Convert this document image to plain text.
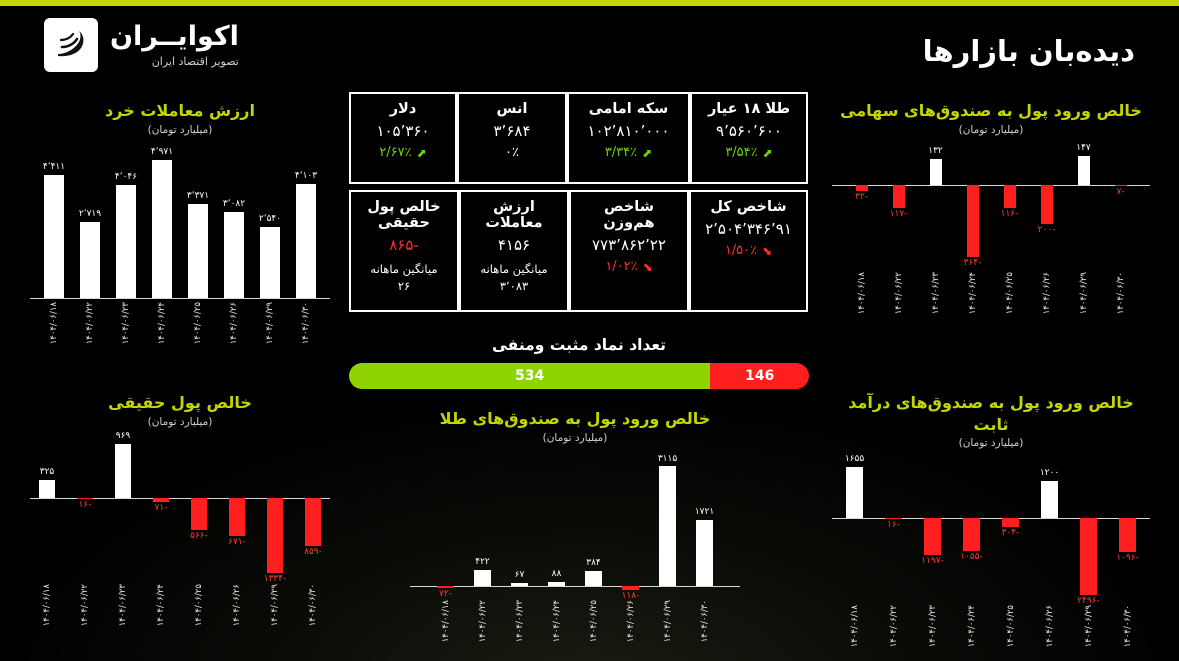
اکوایــران
تصویر اقتصاد ایران	دیده‌بان بازارها
دلار
۱۰۵٬۳۶۰
۲/۶۷٪ ⬈
انس
۳٬۶۸۴
۰٪
سکه امامی
۱۰۲٬۸۱۰٬۰۰۰
۳/۳۴٪ ⬈
طلا ۱۸ عیار
۹٬۵۶۰٬۶۰۰
۳/۵۴٪ ⬈
خالص پول حقیقی
-۸۶۵
میانگین ماهانه
۲۶
ارزش معاملات
۴۱۵۶
میانگین ماهانه
۳٬۰۸۳
شاخص هم‌وزن
۷۷۳٬۸۶۲٬۲۲
۱/۰۲٪ ⬊
شاخص کل
۲٬۵۰۴٬۳۴۶٬۹۱
۱/۵۰٪ ⬊
تعداد نماد مثبت ومنفی
146
534
ارزش معاملات خرد
(میلیارد تومان)
۴٬۴۱۱
۲٬۷۱۹
۴٬۰۴۶
۴٬۹۷۱
۳٬۳۷۱
۳٬۰۸۲
۲٬۵۴۰
۴٬۱۰۳
۱۴۰۴/۰۶/۱۸	۱۴۰۴/۰۶/۲۲	۱۴۰۴/۰۶/۲۳	۱۴۰۴/۰۶/۲۴	۱۴۰۴/۰۶/۲۵	۱۴۰۴/۰۶/۲۶	۱۴۰۴/۰۶/۲۹	۱۴۰۴/۰۶/۳۰
خالص ورود پول به صندوق‌های سهامی
(میلیارد تومان)
-۳۲
-۱۱۷
۱۳۲
-۳۶۴
-۱۱۶
-۲۰۰
۱۴۷
-۷
۱۴۰۴/۰۶/۱۸	۱۴۰۴/۰۶/۲۲	۱۴۰۴/۰۶/۲۳	۱۴۰۴/۰۶/۲۴	۱۴۰۴/۰۶/۲۵	۱۴۰۴/۰۶/۲۶	۱۴۰۴/۰۶/۲۹	۱۴۰۴/۰۶/۳۰
خالص پول حقیقی
(میلیارد تومان)
۳۲۵
-۱۶
۹۶۹
-۷۱
-۵۶۶
-۶۷۱
-۱۳۳۴
-۸۵۹
۱۴۰۴/۰۶/۱۸	۱۴۰۴/۰۶/۲۲	۱۴۰۴/۰۶/۲۳	۱۴۰۴/۰۶/۲۴	۱۴۰۴/۰۶/۲۵	۱۴۰۴/۰۶/۲۶	۱۴۰۴/۰۶/۲۹	۱۴۰۴/۰۶/۳۰
خالص ورود پول به صندوق‌های طلا
(میلیارد تومان)
-۷۲
۴۲۲
۶۷	۸۸
۳۸۴
-۱۱۸
۳۱۱۵
۱۷۲۱
۱۴۰۴/۰۶/۱۸	۱۴۰۴/۰۶/۲۲	۱۴۰۴/۰۶/۲۳	۱۴۰۴/۰۶/۲۴	۱۴۰۴/۰۶/۲۵	۱۴۰۴/۰۶/۲۶	۱۴۰۴/۰۶/۲۹	۱۴۰۴/۰۶/۳۰
خالص ورود پول به صندوق‌های درآمد ثابت
(میلیارد تومان)
۱۶۵۵
-۱۶
-۱۱۹۷ -۱۰۵۵
-۳۰۴
۱۲۰۰
-۲۴۹۶
-۱۰۹۶
۱۴۰۴/۰۶/۱۸	۱۴۰۴/۰۶/۲۲	۱۴۰۴/۰۶/۲۳	۱۴۰۴/۰۶/۲۴	۱۴۰۴/۰۶/۲۵	۱۴۰۴/۰۶/۲۶	۱۴۰۴/۰۶/۲۹	۱۴۰۴/۰۶/۳۰
